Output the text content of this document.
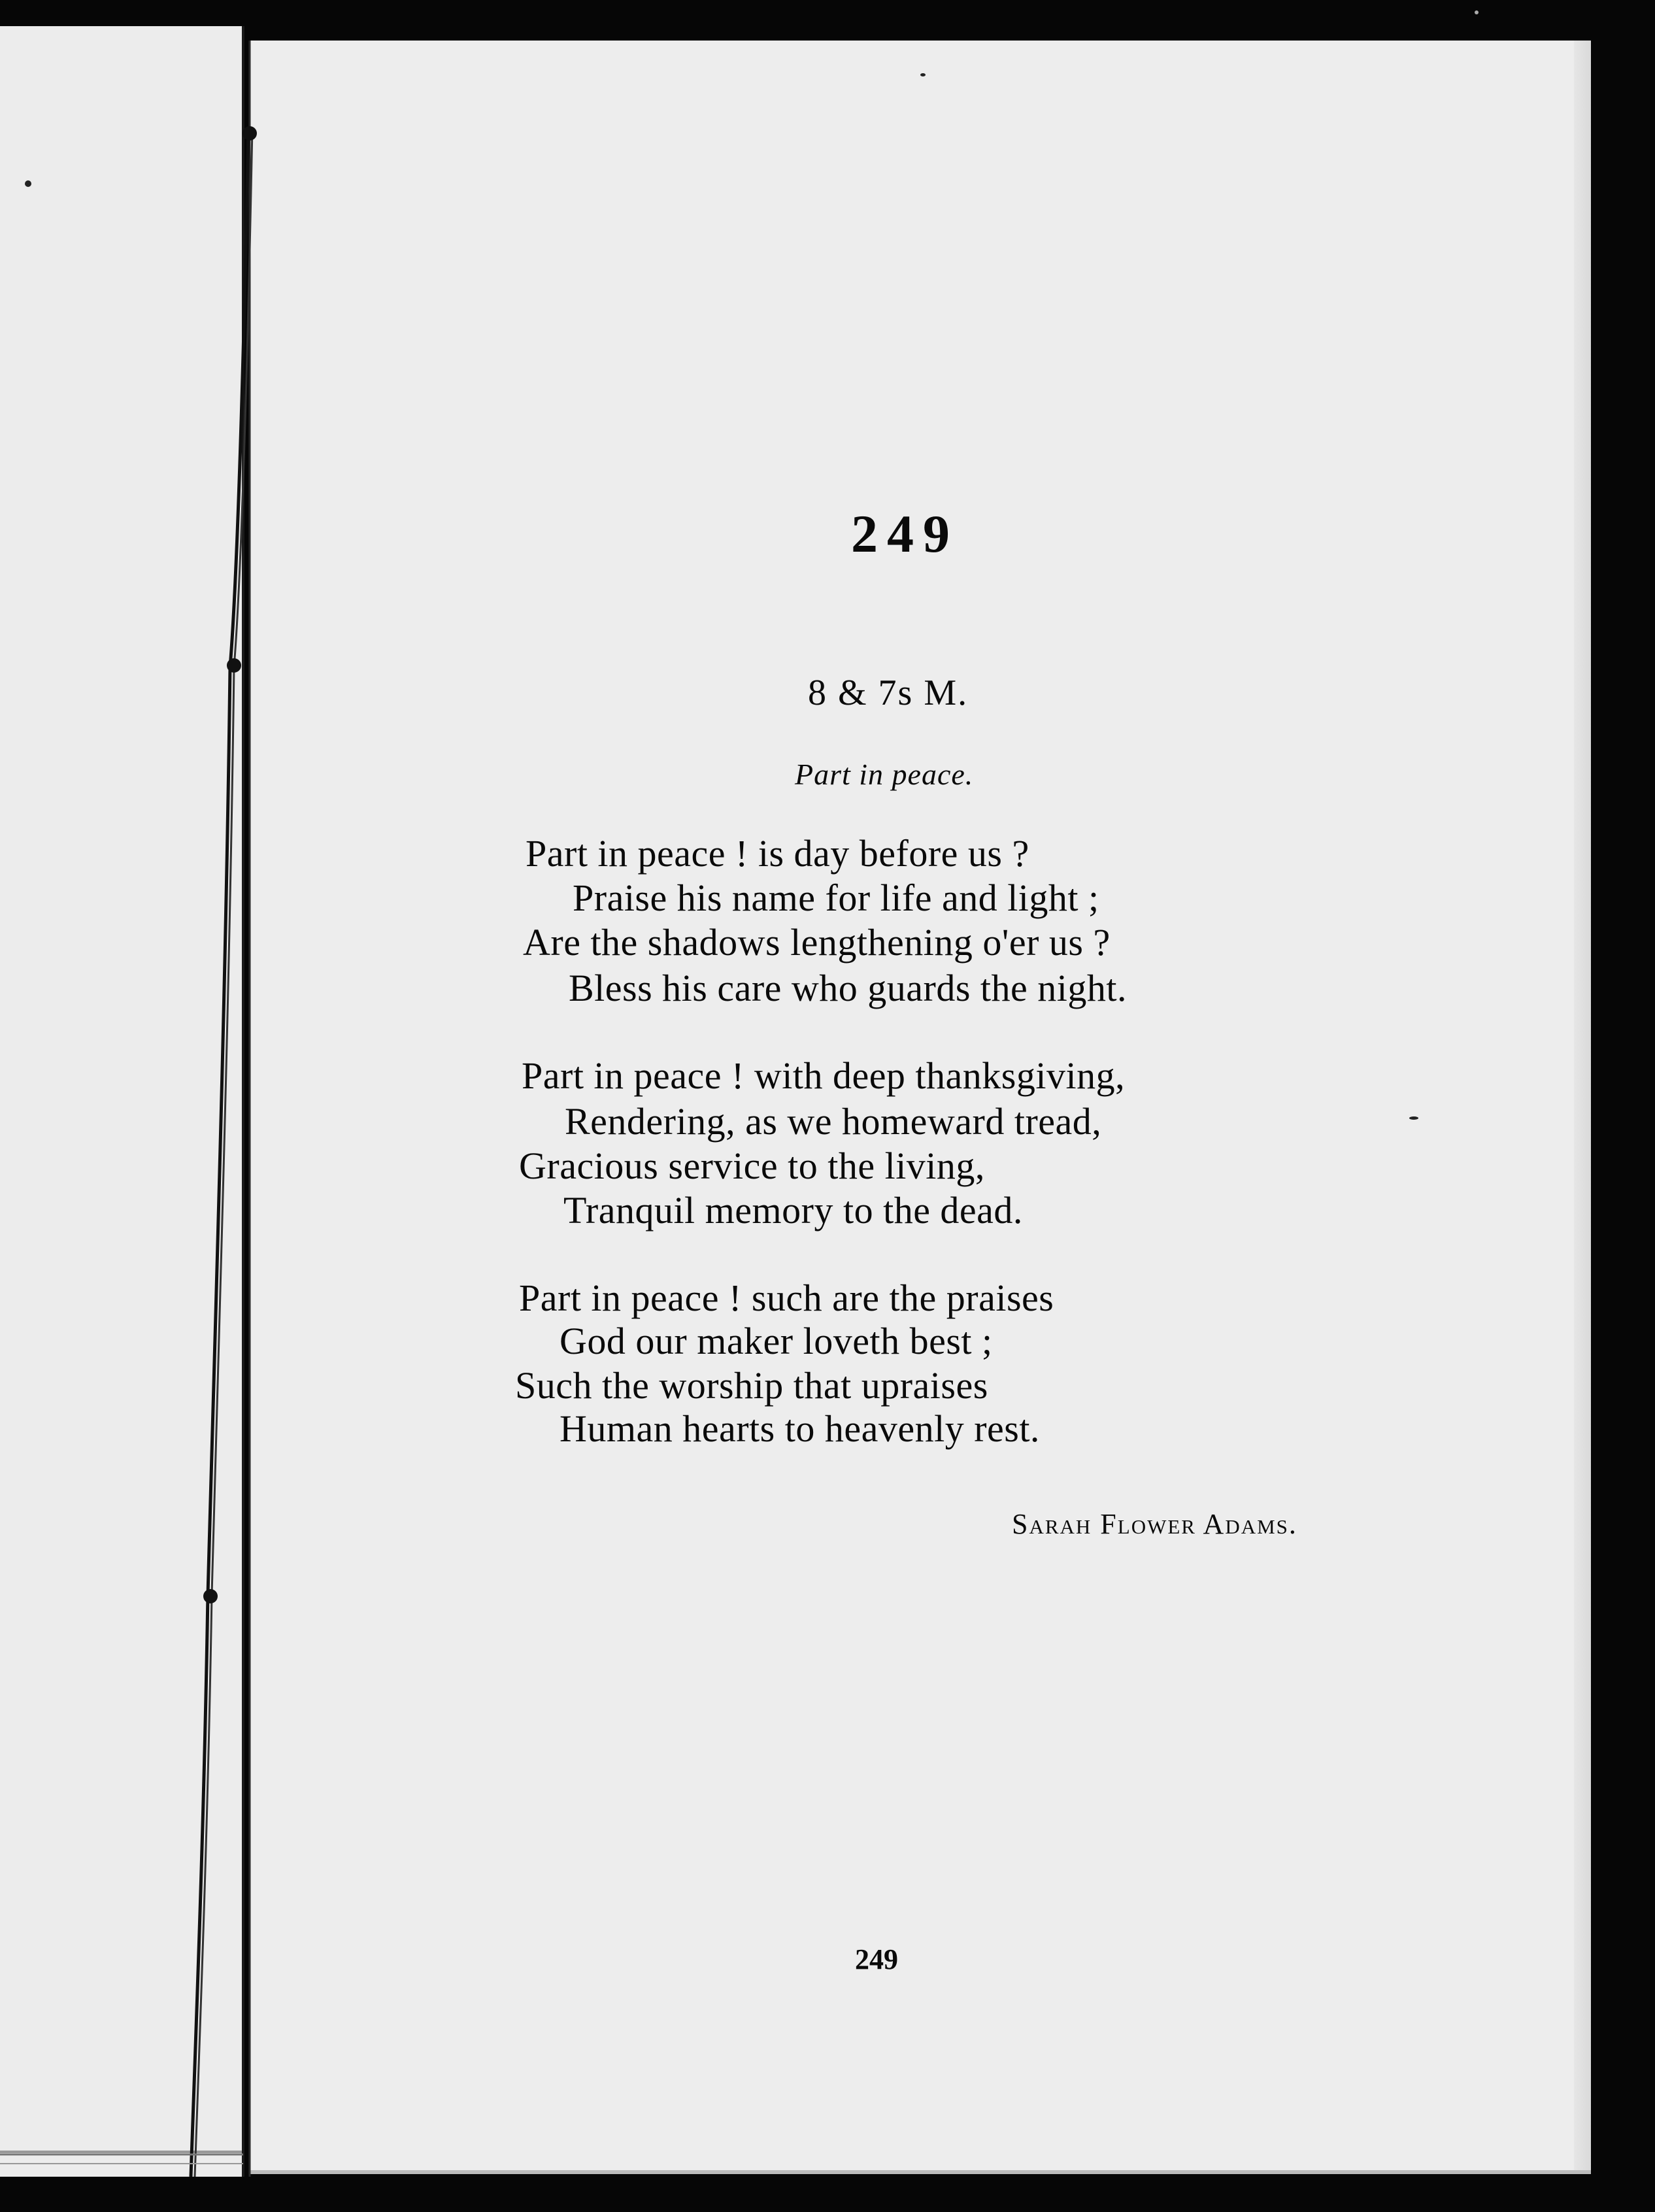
249
8 & 7s M.
Part in peace.
Part in peace ! is day before us ?
Praise his name for life and light ;
Are the shadows lengthening o'er us ?
Bless his care who guards the night.
Part in peace ! with deep thanksgiving,
Rendering, as we homeward tread,
Gracious service to the living,
Tranquil memory to the dead.
Part in peace ! such are the praises
God our maker loveth best ;
Such the worship that upraises
Human hearts to heavenly rest.
Sarah Flower Adams.
249
